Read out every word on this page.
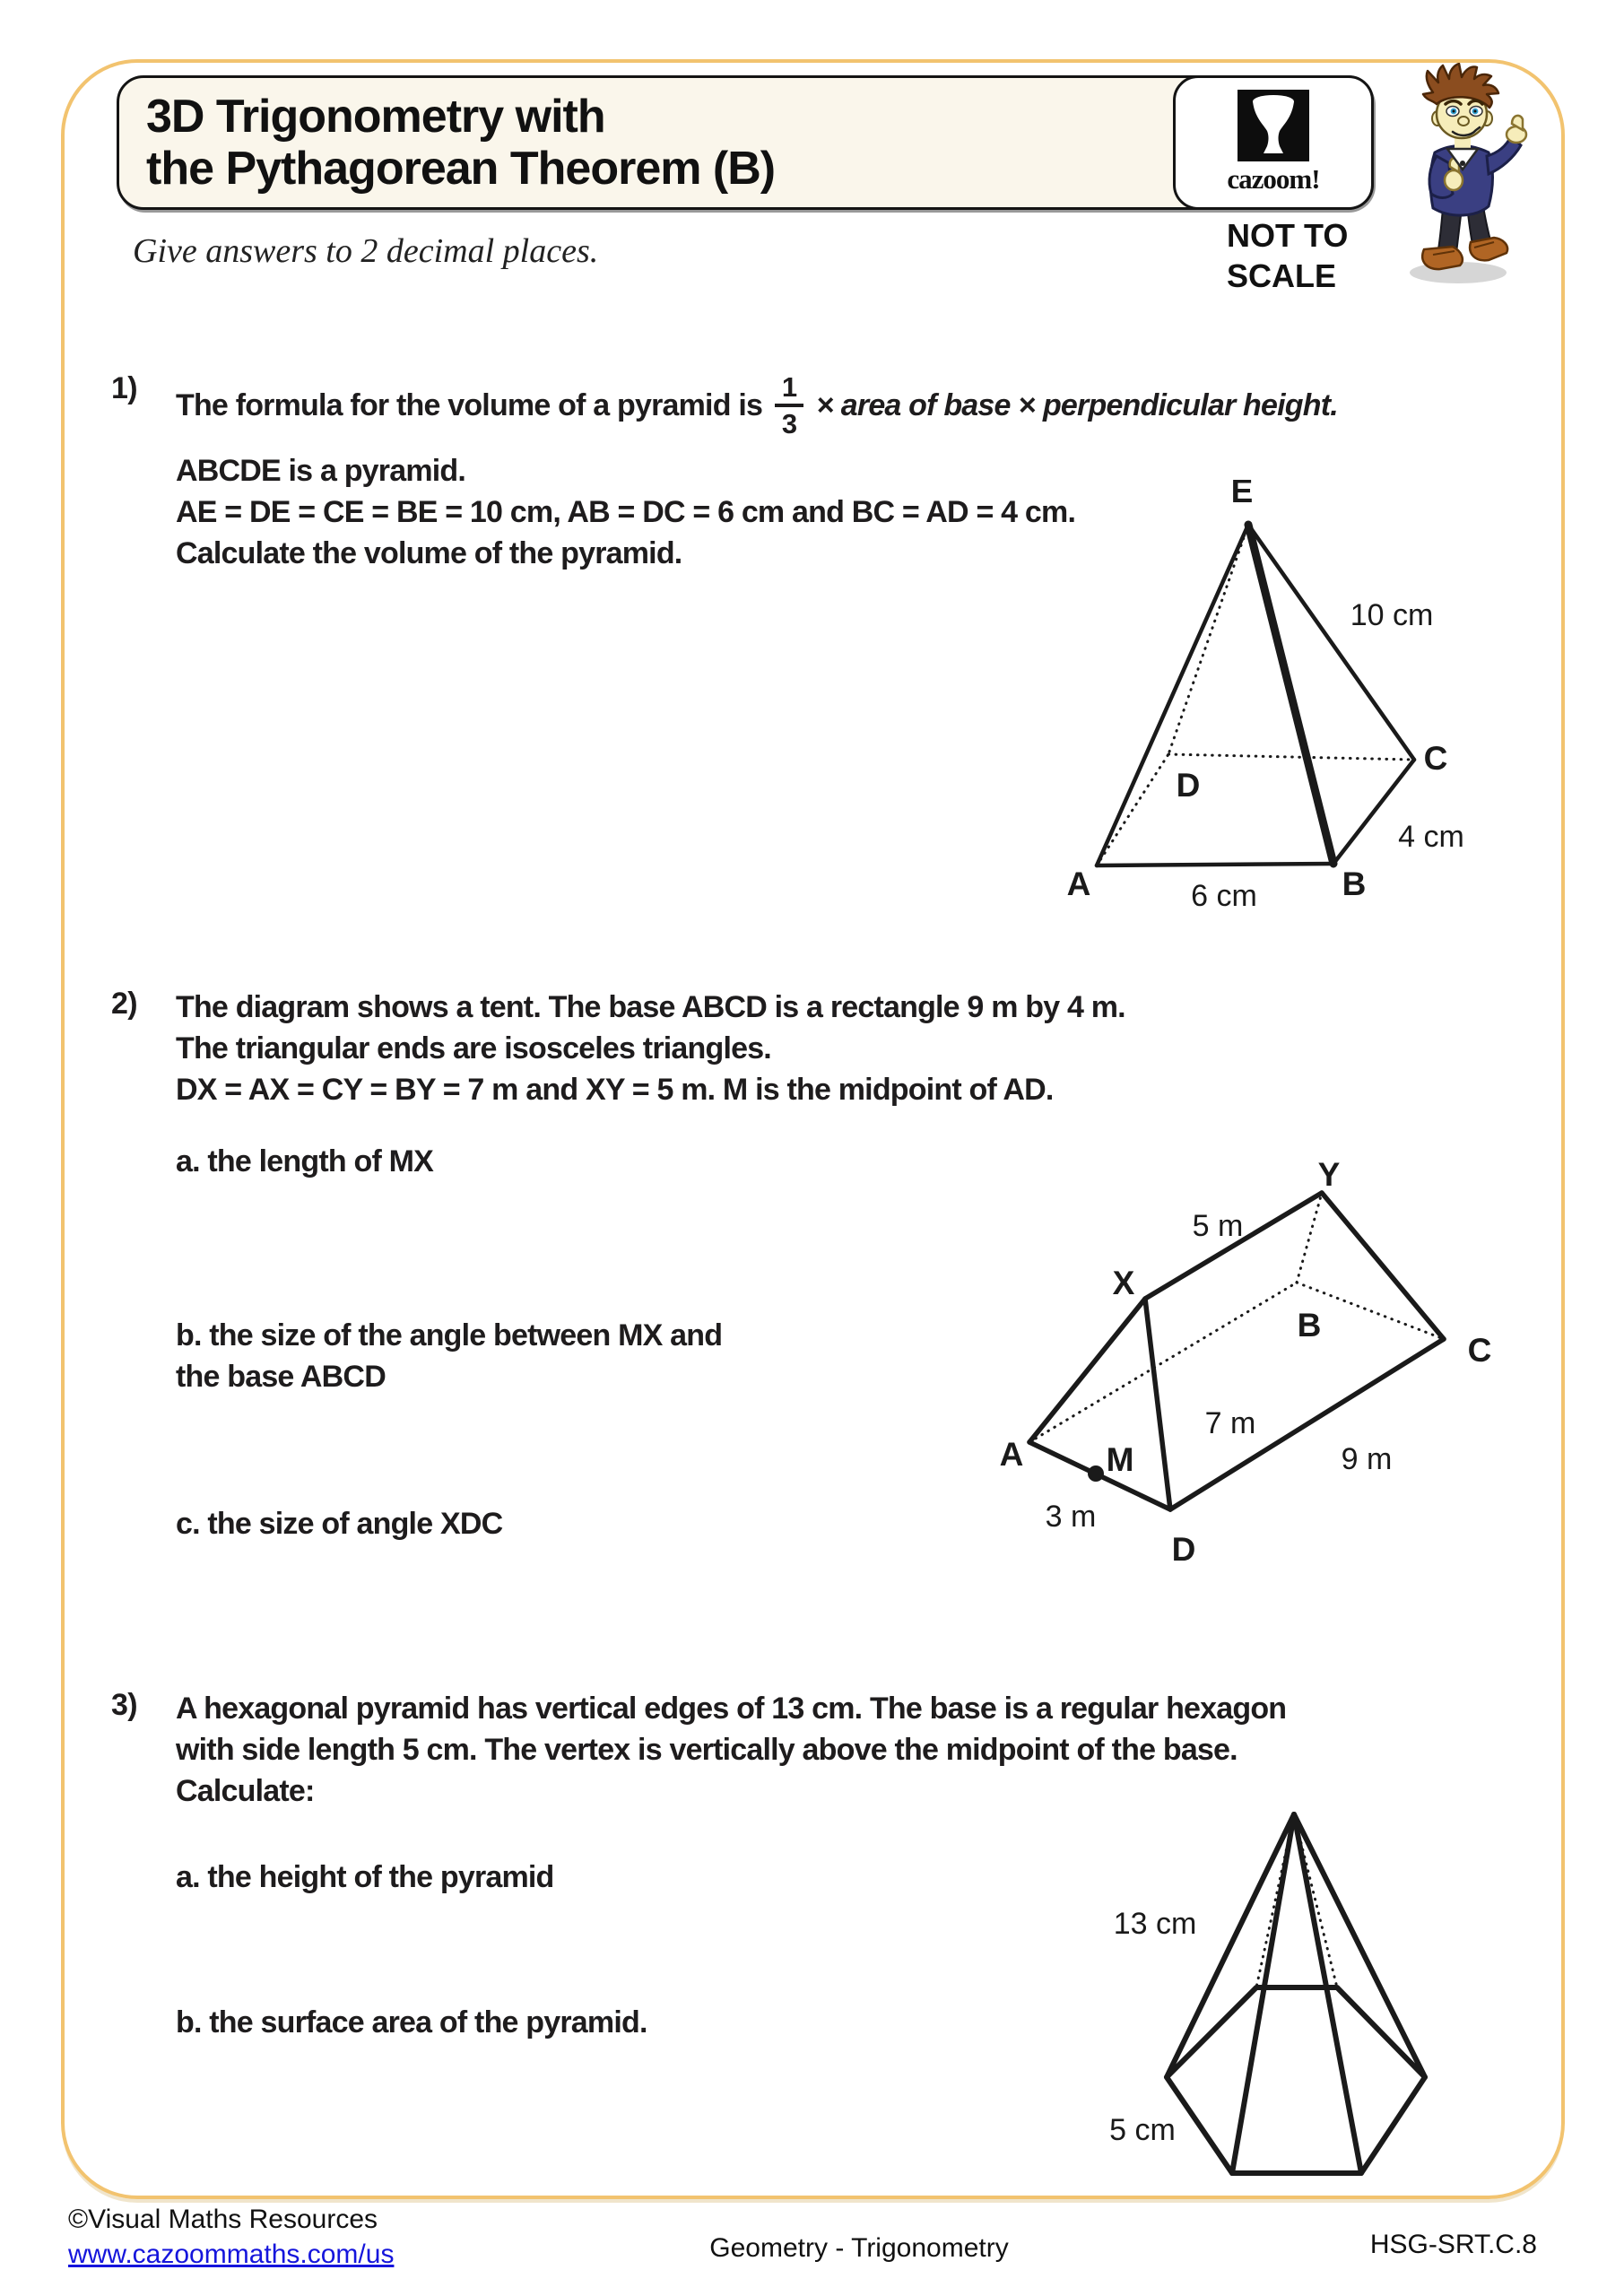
3D Trigonometry with
the Pythagorean Theorem (B)	cazoom!
NOT TO
SCALE
Give answers to 2 decimal places.
1) The formula for the volume of a pyramid is $\frac{1}{3}$ × area of base × perpendicular height.
ABCDE is a pyramid.
AE = DE = CE = BE = 10 cm, AB = DC = 6 cm and BC = AD = 4 cm.
Calculate the volume of the pyramid.
E
A	B
C
D
10 cm
4 cm
6 cm
2) The diagram shows a tent. The base ABCD is a rectangle 9 m by 4 m.
The triangular ends are isosceles triangles.
DX = AX = CY = BY = 7 m and XY = 5 m. M is the midpoint of AD.
a. the length of MX
b. the size of the angle between MX and
the base ABCD
c. the size of angle XDC
Y
X
B
C
A M
D
5 m
7 m
9 m
3 m
3) A hexagonal pyramid has vertical edges of 13 cm. The base is a regular hexagon
with side length 5 cm. The vertex is vertically above the midpoint of the base.
Calculate:
a. the height of the pyramid
b. the surface area of the pyramid.
13 cm
5 cm
©Visual Maths Resources
www.cazoommaths.com/us	Geometry - Trigonometry	HSG-SRT.C.8
